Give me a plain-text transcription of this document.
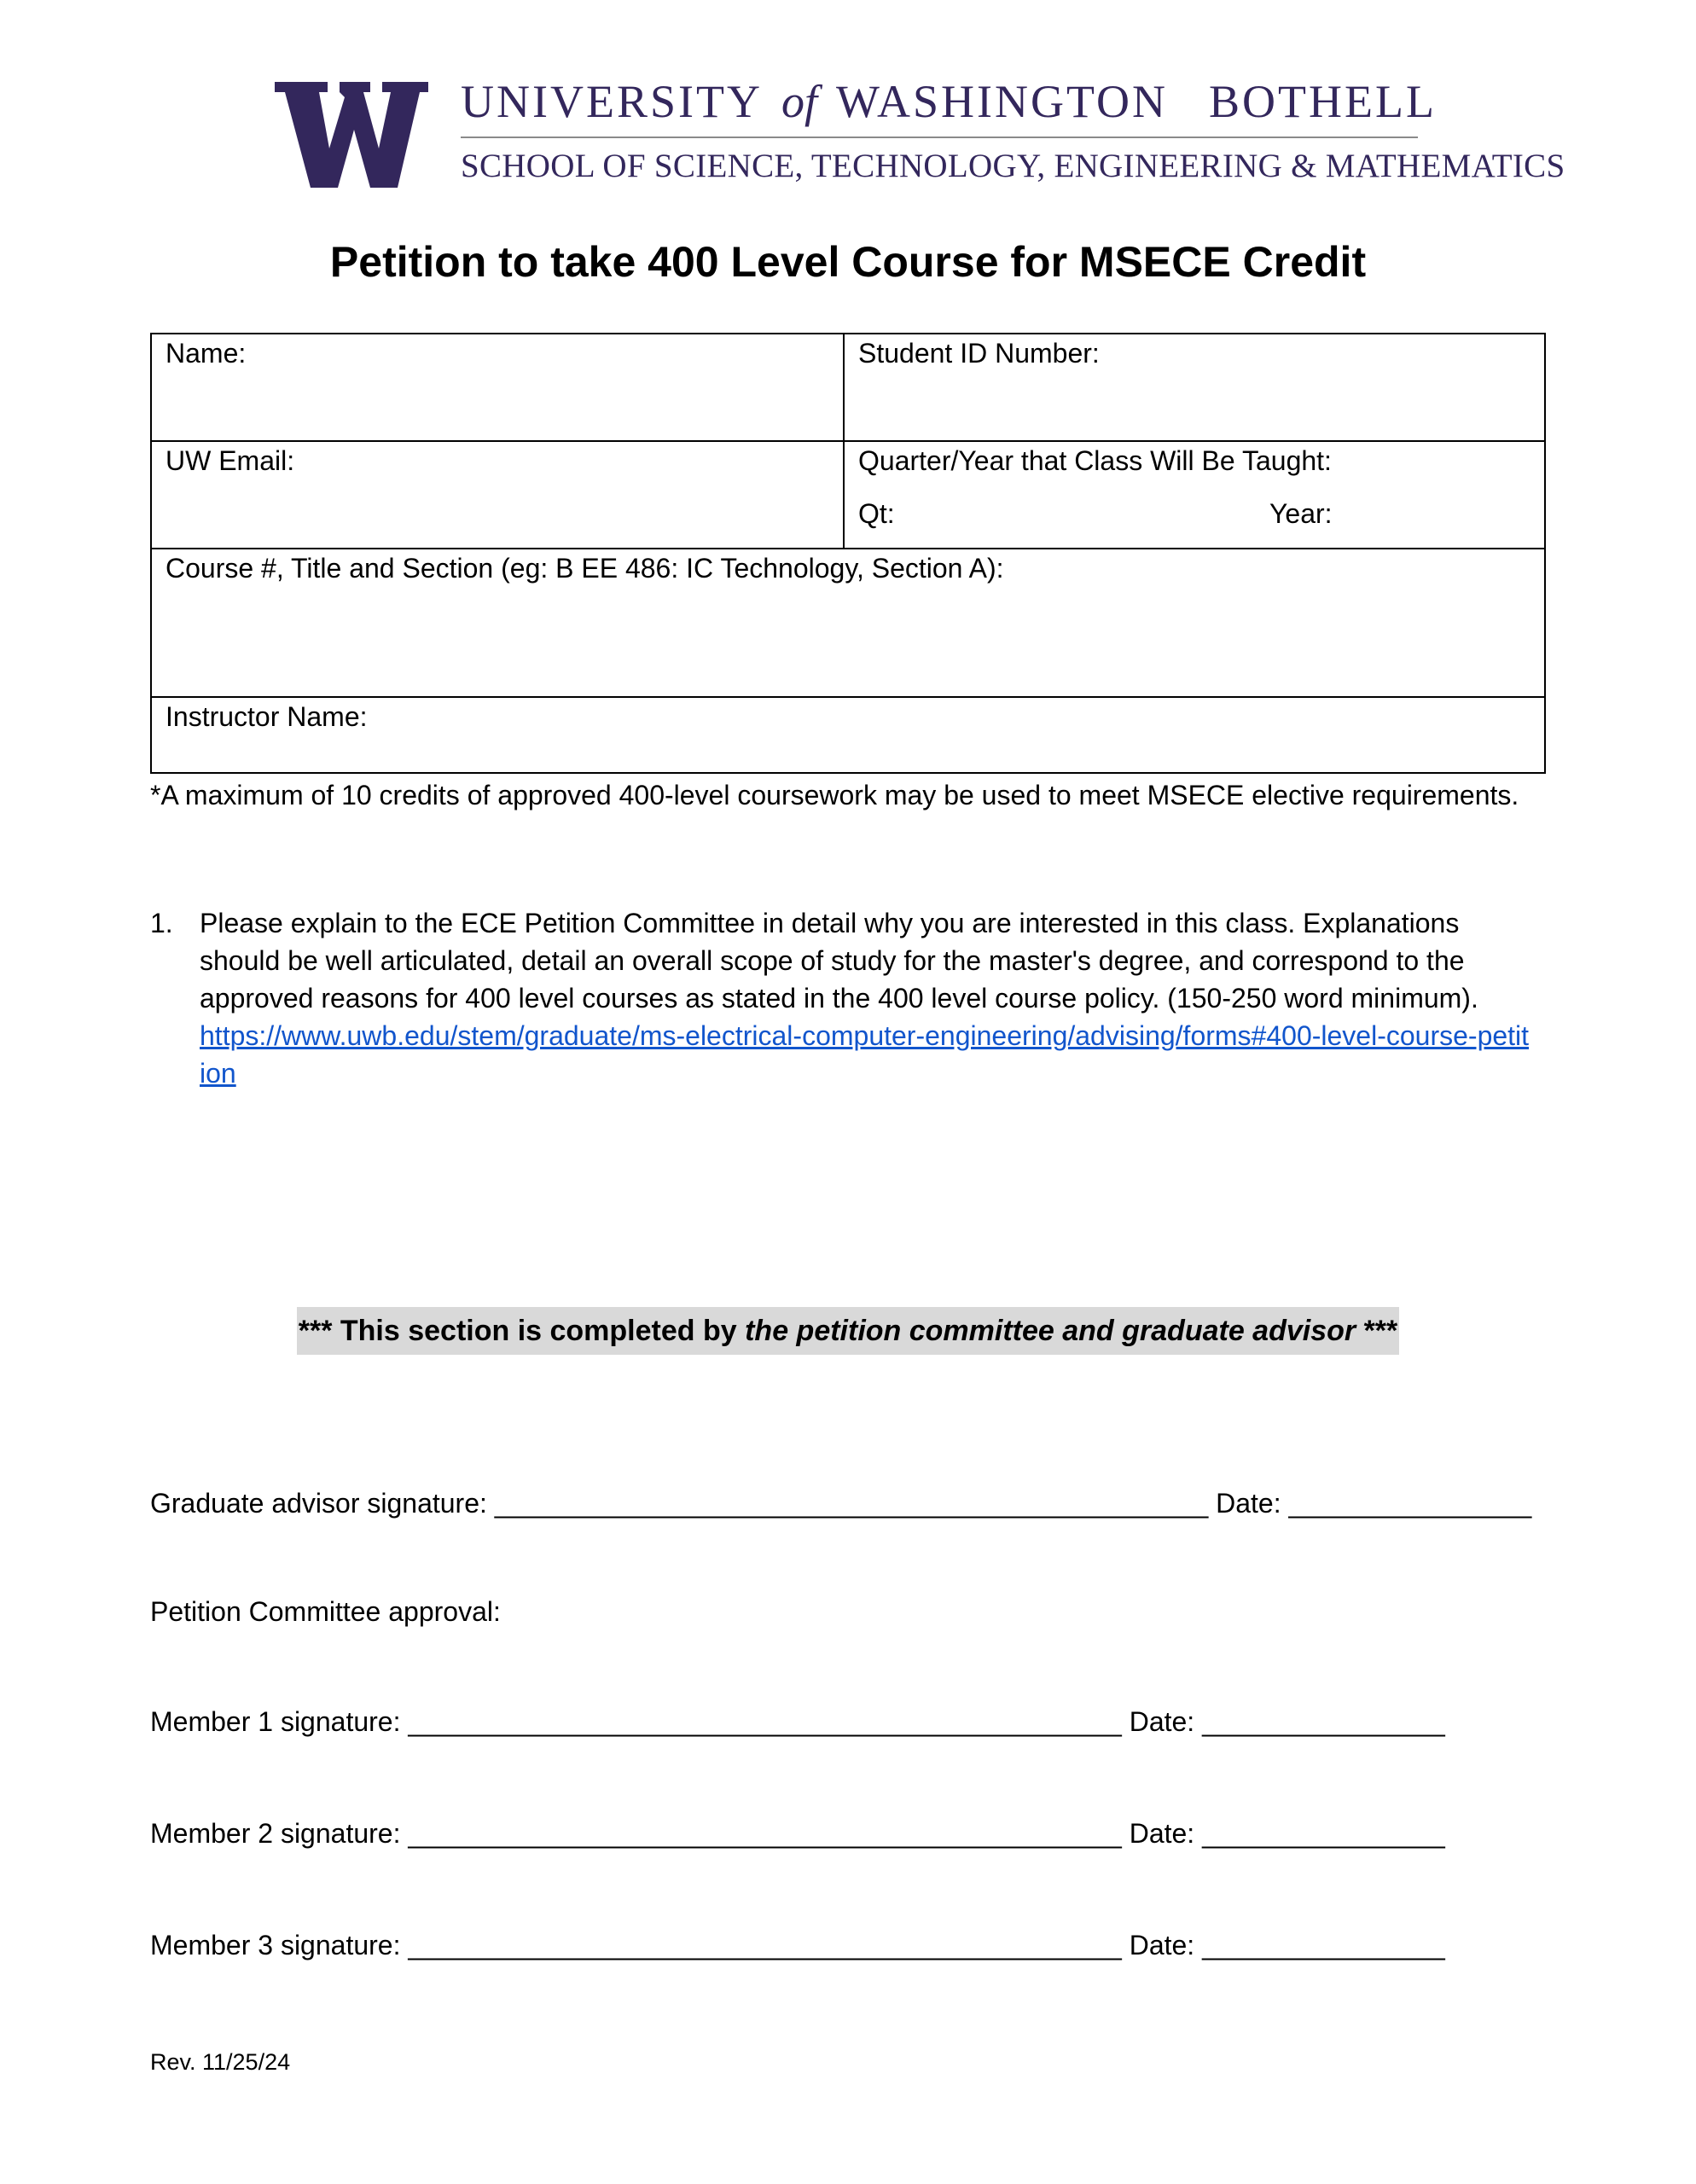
UNIVERSITY of WASHINGTON BOTHELL
SCHOOL OF SCIENCE, TECHNOLOGY, ENGINEERING & MATHEMATICS
Petition to take 400 Level Course for MSECE Credit
Name:	Student ID Number:
UW Email:	Quarter/Year that Class Will Be Taught:
Qt:	Year:
Course #, Title and Section (eg: B EE 486: IC Technology, Section A):
Instructor Name:
*A maximum of 10 credits of approved 400-level coursework may be used to meet MSECE elective requirements.
1. Please explain to the ECE Petition Committee in detail why you are interested in this class. Explanations should be well articulated, detail an overall scope of study for the master's degree, and correspond to the approved reasons for 400 level courses as stated in the 400 level course policy. (150-250 word minimum).
https://www.uwb.edu/stem/graduate/ms-electrical-computer-engineering/advising/forms#400-level-course-petition
*** This section is completed by the petition committee and graduate advisor ***
Graduate advisor signature: _______________________________________________ Date: ________________
Petition Committee approval:
Member 1 signature: _______________________________________________ Date: ________________
Member 2 signature: _______________________________________________ Date: ________________
Member 3 signature: _______________________________________________ Date: ________________
Rev. 11/25/24
